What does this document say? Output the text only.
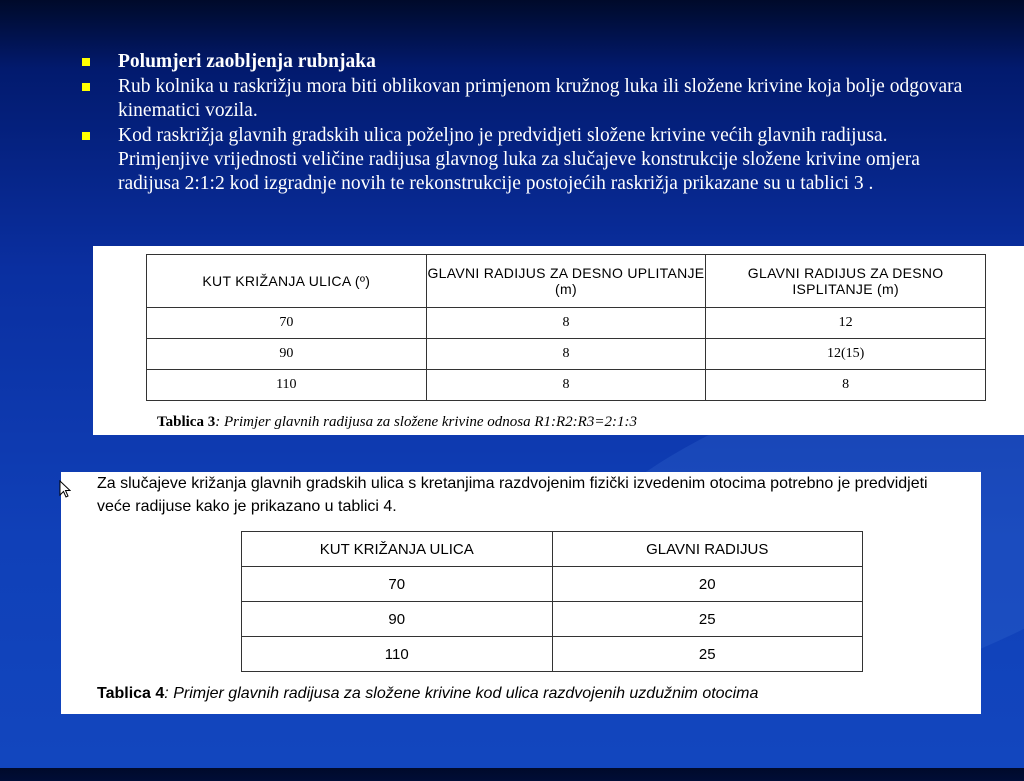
Polumjeri zaobljenja rubnjaka
Rub kolnika u raskrižju mora biti oblikovan primjenom kružnog luka ili složene krivine koja bolje odgovara kinematici vozila.
Kod raskrižja glavnih gradskih ulica poželjno je predvidjeti složene krivine većih glavnih radijusa. Primjenjive vrijednosti veličine radijusa glavnog luka za slučajeve konstrukcije složene krivine omjera radijusa 2:1:2 kod izgradnje novih te rekonstrukcije postojećih raskrižja prikazane su u tablici 3 .
KUT KRIŽANJA ULICA (º)	GLAVNI RADIJUS ZA DESNO UPLITANJE (m)	GLAVNI RADIJUS ZA DESNO ISPLITANJE (m)
70	8	12
90	8	12(15)
110	8	8
Tablica 3: Primjer glavnih radijusa za složene krivine odnosa R1:R2:R3=2:1:3
Za slučajeve križanja glavnih gradskih ulica s kretanjima razdvojenim fizički izvedenim otocima potrebno je predvidjeti veće radijuse kako je prikazano u tablici 4.
KUT KRIŽANJA ULICA	GLAVNI RADIJUS
70	20
90	25
110	25
Tablica 4: Primjer glavnih radijusa za složene krivine kod ulica razdvojenih uzdužnim otocima
